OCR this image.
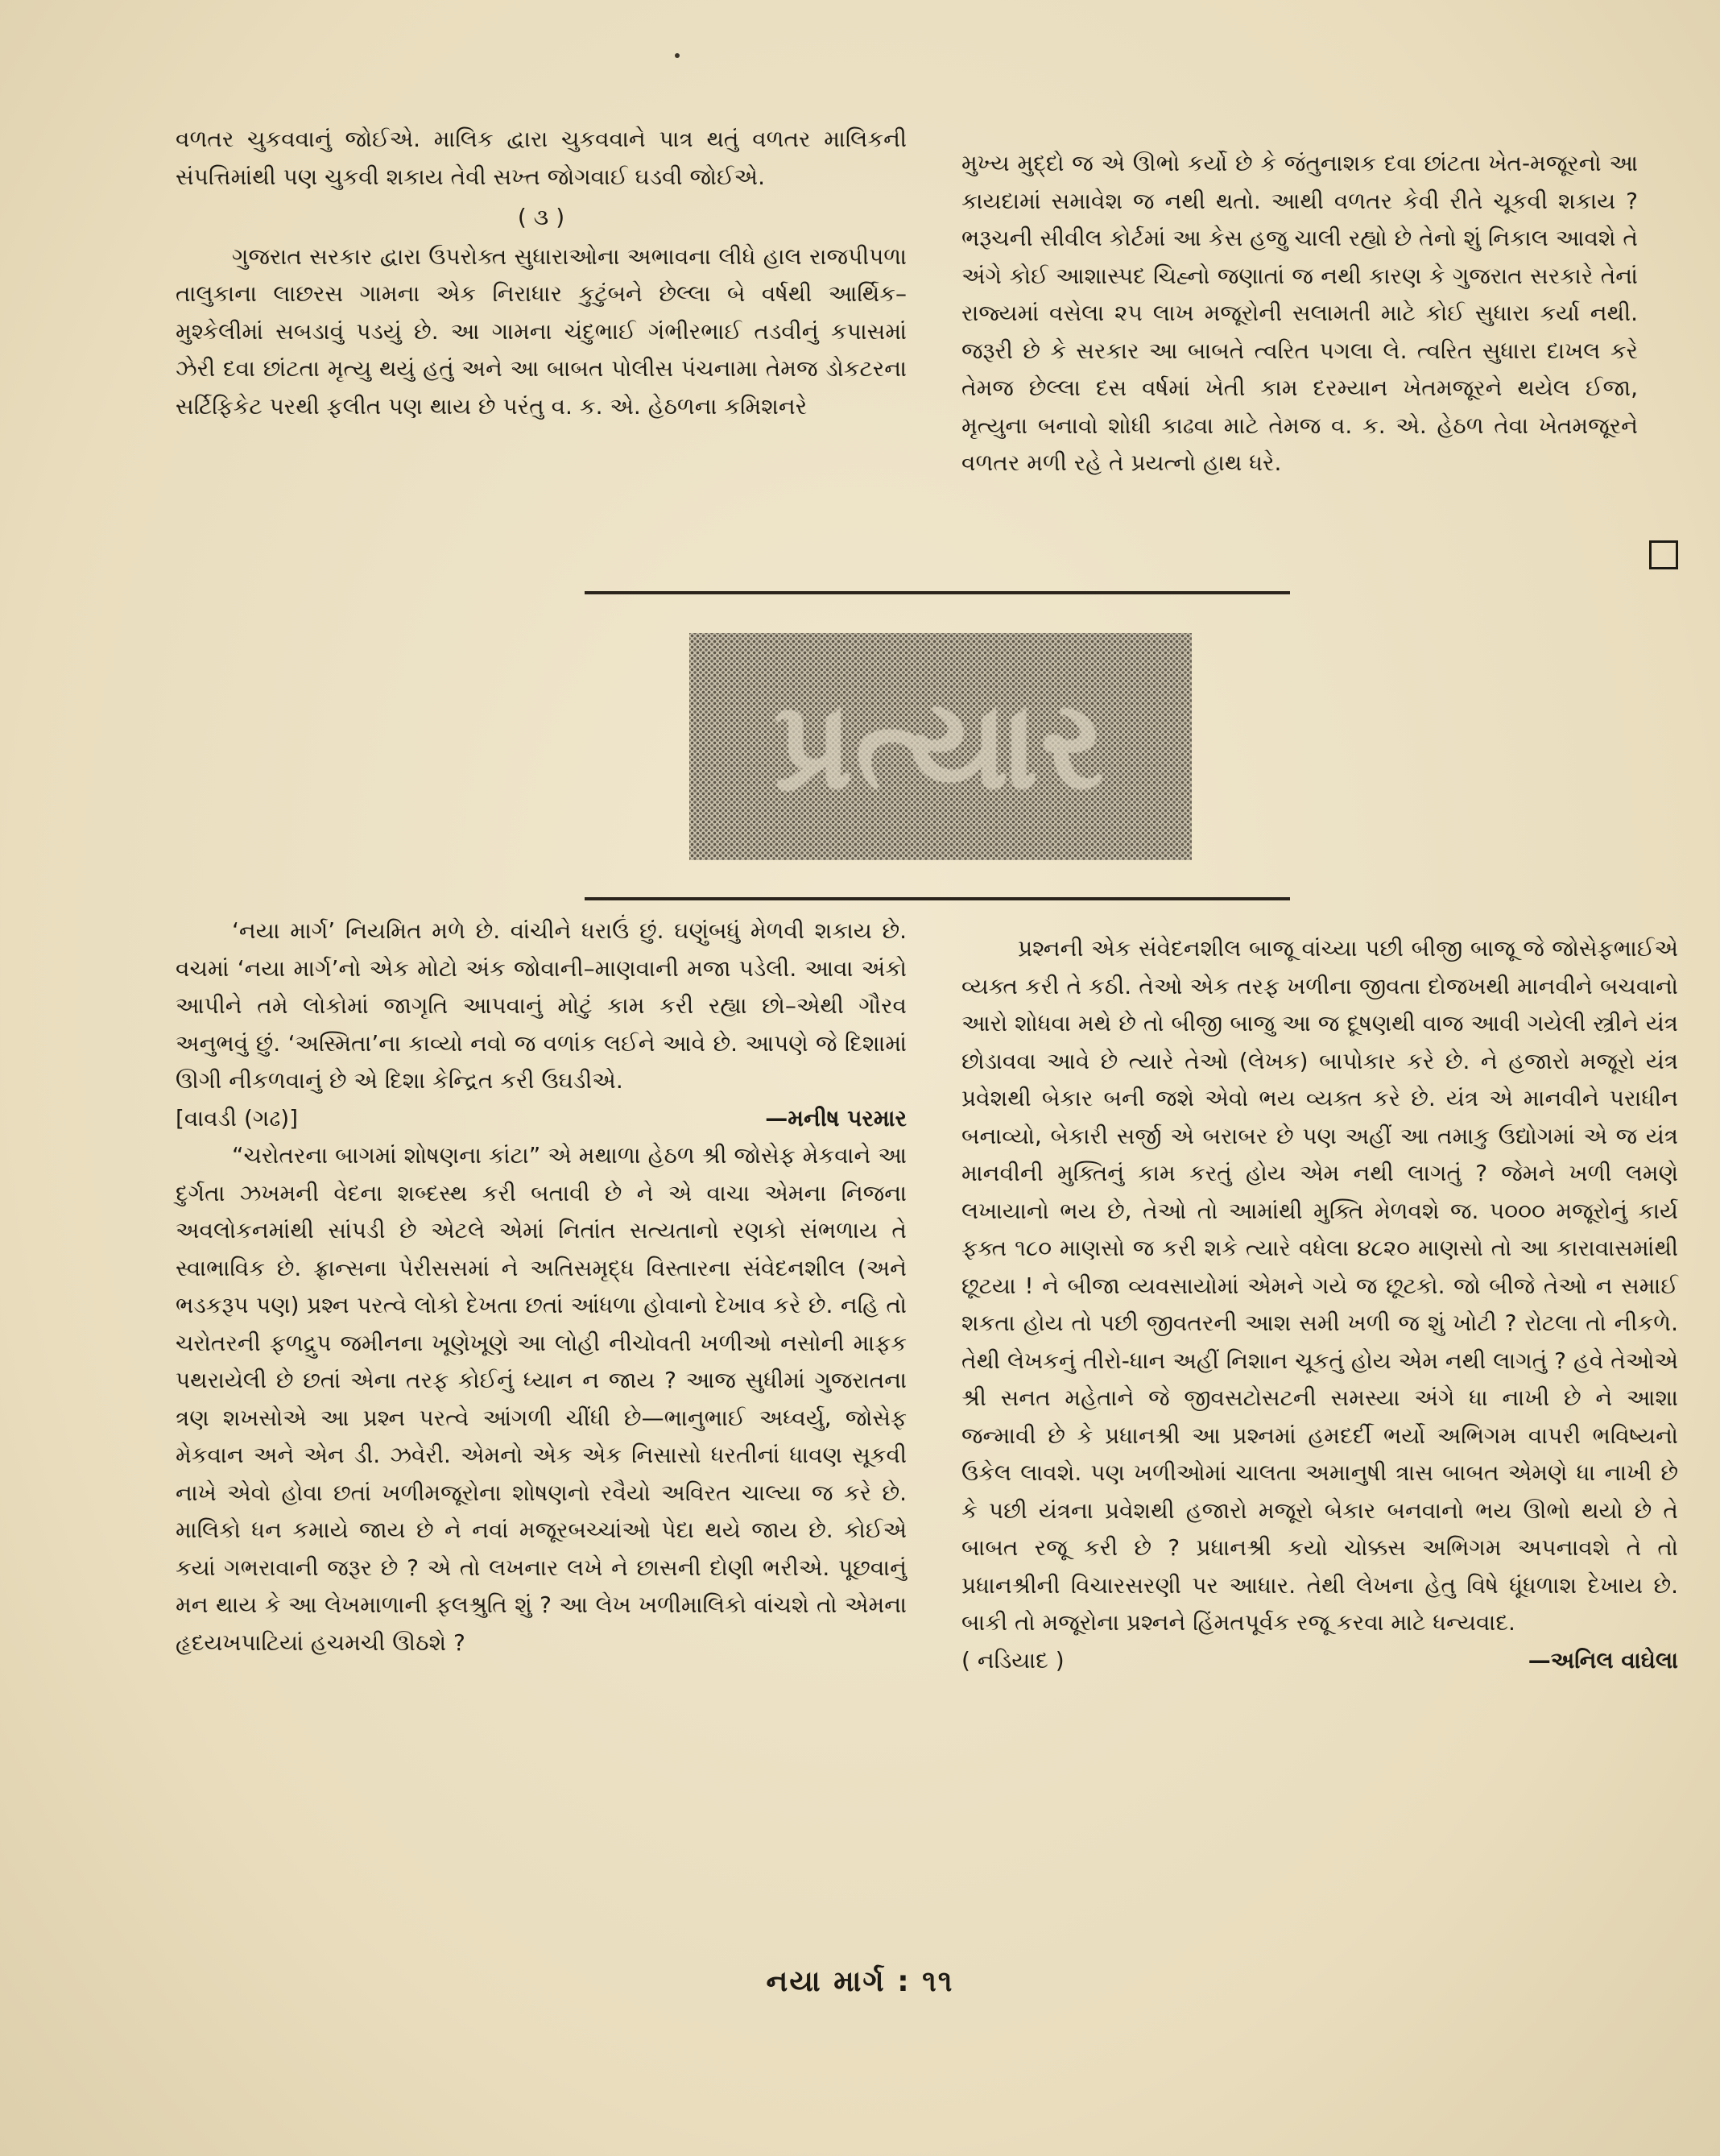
વળતર ચુકવવાનું જોઈએ. માલિક દ્વારા ચુકવવાને પાત્ર થતું વળતર માલિકની સંપત્તિમાંથી પણ ચુકવી શકાય તેવી સખ્ત જોગવાઈ ઘડવી જોઈએ.

( ૩ )

ગુજરાત સરકાર દ્વારા ઉપરોક્ત સુધારાઓના અભાવના લીધે હાલ રાજપીપળા તાલુકાના લાછરસ ગામના એક નિરાધાર કુટુંબને છેલ્લા બે વર્ષથી આર્થિક–મુશ્કેલીમાં સબડાવું પડયું છે. આ ગામના ચંદુભાઈ ગંભીરભાઈ તડવીનું કપાસમાં ઝેરી દવા છાંટતા મૃત્યુ થયું હતું અને આ બાબત પોલીસ પંચનામા તેમજ ડોકટરના સર્ટિફિકેટ પરથી ફલીત પણ થાય છે પરંતુ વ. ક. એ. હેઠળના કમિશનરે

મુખ્ય મુદ્દો જ એ ઊભો કર્યો છે કે જંતુનાશક દવા છાંટતા ખેત-મજૂરનો આ કાયદામાં સમાવેશ જ નથી થતો. આથી વળતર કેવી રીતે ચૂકવી શકાય ? ભરૂચની સીવીલ કોર્ટમાં આ કેસ હજુ ચાલી રહ્યો છે તેનો શું નિકાલ આવશે તે અંગે કોઈ આશાસ્પદ ચિહ્નો જણાતાં જ નથી કારણ કે ગુજરાત સરકારે તેનાં રાજ્યમાં વસેલા ૨૫ લાખ મજૂરોની સલામતી માટે કોઈ સુધારા કર્યા નથી. જરૂરી છે કે સરકાર આ બાબતે ત્વરિત પગલા લે. ત્વરિત સુધારા દાખલ કરે તેમજ છેલ્લા દસ વર્ષમાં ખેતી કામ દરમ્યાન ખેતમજૂરને થયેલ ઈજા, મૃત્યુના બનાવો શોધી કાઢવા માટે તેમજ વ. ક. એ. હેઠળ તેવા ખેતમજૂરને વળતર મળી રહે તે પ્રયત્નો હાથ ધરે.

પ્રત્યાર

‘નયા માર્ગ’ નિયમિત મળે છે. વાંચીને ધરાઉં છું. ઘણુંબધું મેળવી શકાય છે. વચમાં ‘નયા માર્ગ’નો એક મોટો અંક જોવાની–માણવાની મજા પડેલી. આવા અંકો આપીને તમે લોકોમાં જાગૃતિ આપવાનું મોટું કામ કરી રહ્યા છો–એથી ગૌરવ અનુભવું છું. ‘અસ્મિતા’ના કાવ્યો નવો જ વળાંક લઈને આવે છે. આપણે જે દિશામાં ઊગી નીકળવાનું છે એ દિશા કેન્દ્રિત કરી ઉઘડીએ.

[વાવડી (ગઢ)]	—મનીષ પરમાર

“ચરોતરના બાગમાં શોષણના કાંટા” એ મથાળા હેઠળ શ્રી જોસેફ મેકવાને આ દુર્ગતા ઝખમની વેદના શબ્દસ્થ કરી બતાવી છે ને એ વાચા એમના નિજના અવલોકનમાંથી સાંપડી છે એટલે એમાં નિતાંત સત્યતાનો રણકો સંભળાય તે સ્વાભાવિક છે. ફ્રાન્સના પેરીસસમાં ને અતિસમૃદ્ધ વિસ્તારના સંવેદનશીલ (અને ભડકરૂપ પણ) પ્રશ્ન પરત્વે લોકો દેખતા છતાં આંધળા હોવાનો દેખાવ કરે છે. નહિ તો ચરોતરની ફળદ્રુપ જમીનના ખૂણેખૂણે આ લોહી નીચોવતી ખળીઓ નસોની માફક પથરાયેલી છે છતાં એના તરફ કોઈનું ધ્યાન ન જાય ? આજ સુધીમાં ગુજરાતના ત્રણ શખસોએ આ પ્રશ્ન પરત્વે આંગળી ચીંધી છે—ભાનુભાઈ અધ્વર્યુ, જોસેફ મેકવાન અને એન ડી. ઝવેરી. એમનો એક એક નિસાસો ધરતીનાં ધાવણ સૂકવી નાખે એવો હોવા છતાં ખળીમજૂરોના શોષણનો રવૈયો અવિરત ચાલ્યા જ કરે છે. માલિકો ધન કમાયે જાય છે ને નવાં મજૂરબચ્ચાંઓ પેદા થયે જાય છે. કોઈએ કયાં ગભરાવાની જરૂર છે ? એ તો લખનાર લખે ને છાસની દોણી ભરીએ. પૂછવાનું મન થાય કે આ લેખમાળાની ફલશ્રુતિ શું ? આ લેખ ખળીમાલિકો વાંચશે તો એમના હૃદયખપાટિયાં હચમચી ઊઠશે ?

પ્રશ્નની એક સંવેદનશીલ બાજૂ વાંચ્યા પછી બીજી બાજૂ જે જોસેફભાઈએ વ્યક્ત કરી તે કઠી. તેઓ એક તરફ ખળીના જીવતા દોજખથી માનવીને બચવાનો આરો શોધવા મથે છે તો બીજી બાજુ આ જ દૂષણથી વાજ આવી ગયેલી સ્ત્રીને યંત્ર છોડાવવા આવે છે ત્યારે તેઓ (લેખક) બાપોકાર કરે છે. ને હજારો મજૂરો યંત્ર પ્રવેશથી બેકાર બની જશે એવો ભય વ્યક્ત કરે છે. યંત્ર એ માનવીને પરાધીન બનાવ્યો, બેકારી સર્જી એ બરાબર છે પણ અહીં આ તમાકુ ઉદ્યોગમાં એ જ યંત્ર માનવીની મુક્તિનું કામ કરતું હોય એમ નથી લાગતું ? જેમને ખળી લમણે લખાયાનો ભય છે, તેઓ તો આમાંથી મુક્તિ મેળવશે જ. ૫૦૦૦ મજૂરોનું કાર્ય ફક્ત ૧૮૦ માણસો જ કરી શકે ત્યારે વધેલા ૪૮૨૦ માણસો તો આ કારાવાસમાંથી છૂટયા ! ને બીજા વ્યવસાયોમાં એમને ગયે જ છૂટકો. જો બીજે તેઓ ન સમાઈ શકતા હોય તો પછી જીવતરની આશ સમી ખળી જ શું ખોટી ? રોટલા તો નીકળે. તેથી લેખકનું તીરો-ધાન અહીં નિશાન ચૂકતું હોય એમ નથી લાગતું ? હવે તેઓએ શ્રી સનત મહેતાને જે જીવસટોસટની સમસ્યા અંગે ધા નાખી છે ને આશા જન્માવી છે કે પ્રધાનશ્રી આ પ્રશ્નમાં હમદર્દી ભર્યો અભિગમ વાપરી ભવિષ્યનો ઉકેલ લાવશે. પણ ખળીઓમાં ચાલતા અમાનુષી ત્રાસ બાબત એમણે ધા નાખી છે કે પછી યંત્રના પ્રવેશથી હજારો મજૂરો બેકાર બનવાનો ભય ઊભો થયો છે તે બાબત રજૂ કરી છે ? પ્રધાનશ્રી કયો ચોક્કસ અભિગમ અપનાવશે તે તો પ્રધાનશ્રીની વિચારસરણી પર આધાર. તેથી લેખના હેતુ વિષે ધૂંધળાશ દેખાય છે. બાકી તો મજૂરોના પ્રશ્નને હિંમતપૂર્વક રજૂ કરવા માટે ધન્યવાદ.

( નડિયાદ )	—અનિલ વાઘેલા

નયા માર્ગ : ૧૧
